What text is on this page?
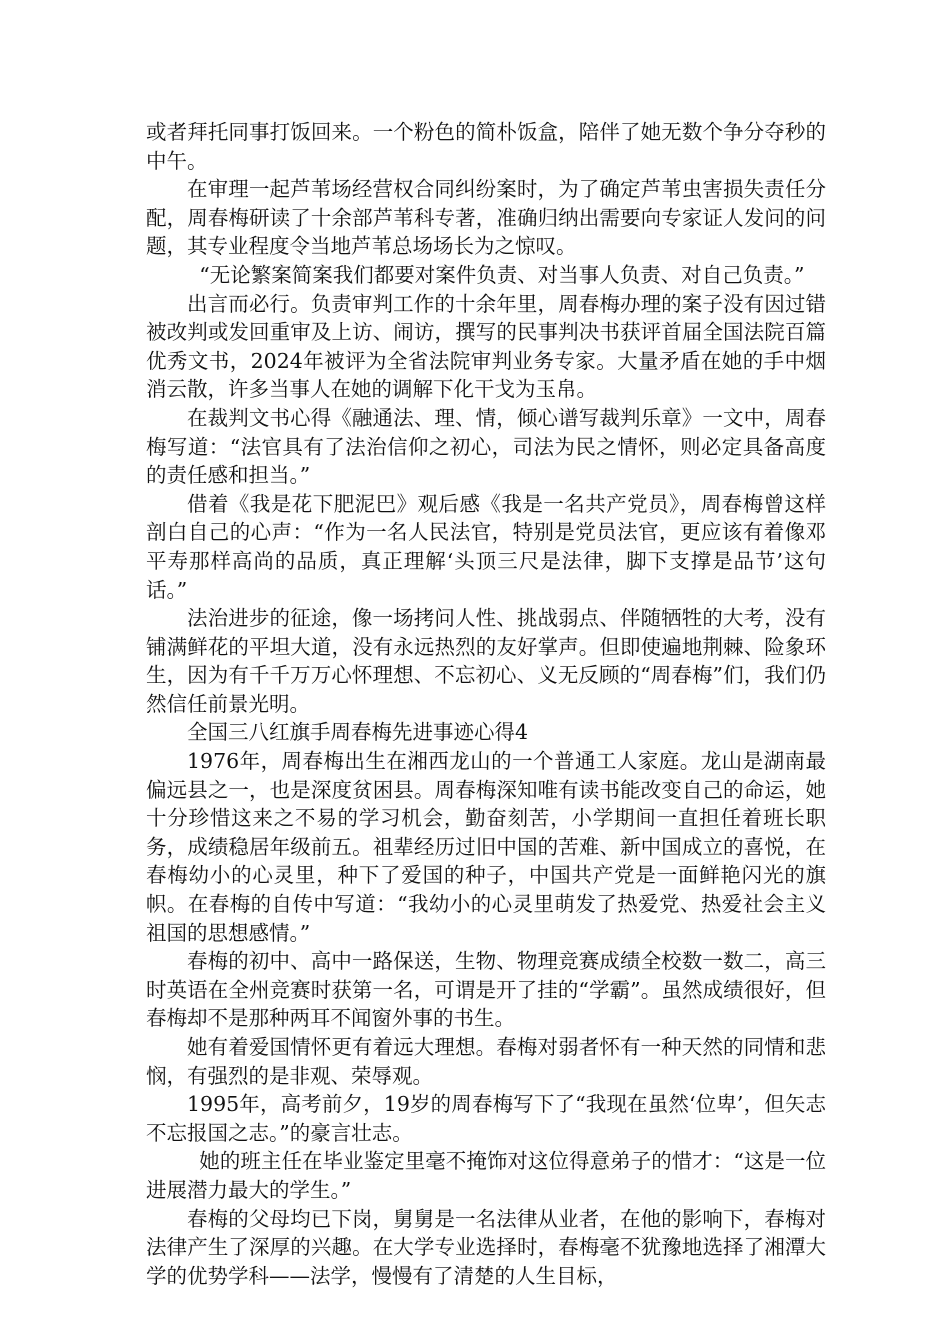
或者拜托同事打饭回来。一个粉色的简朴饭盒，陪伴了她无数个争分夺秒的中午。

在审理一起芦苇场经营权合同纠纷案时，为了确定芦苇虫害损失责任分配，周春梅研读了十余部芦苇科专著，准确归纳出需要向专家证人发问的问题，其专业程度令当地芦苇总场场长为之惊叹。

“无论繁案简案我们都要对案件负责、对当事人负责、对自己负责。”

出言而必行。负责审判工作的十余年里，周春梅办理的案子没有因过错被改判或发回重审及上访、闹访，撰写的民事判决书获评首届全国法院百篇优秀文书，2024年被评为全省法院审判业务专家。大量矛盾在她的手中烟消云散，许多当事人在她的调解下化干戈为玉帛。

在裁判文书心得《融通法、理、情，倾心谱写裁判乐章》一文中，周春梅写道：“法官具有了法治信仰之初心，司法为民之情怀，则必定具备高度的责任感和担当。”

借着《我是花下肥泥巴》观后感《我是一名共产党员》，周春梅曾这样剖白自己的心声：“作为一名人民法官，特别是党员法官，更应该有着像邓平寿那样高尚的品质，真正理解‘头顶三尺是法律，脚下支撑是品节’这句话。”

法治进步的征途，像一场拷问人性、挑战弱点、伴随牺牲的大考，没有铺满鲜花的平坦大道，没有永远热烈的友好掌声。但即使遍地荆棘、险象环生，因为有千千万万心怀理想、不忘初心、义无反顾的“周春梅”们，我们仍然信任前景光明。

全国三八红旗手周春梅先进事迹心得4

1976年，周春梅出生在湘西龙山的一个普通工人家庭。龙山是湖南最偏远县之一，也是深度贫困县。周春梅深知唯有读书能改变自己的命运，她十分珍惜这来之不易的学习机会，勤奋刻苦，小学期间一直担任着班长职务，成绩稳居年级前五。祖辈经历过旧中国的苦难、新中国成立的喜悦，在春梅幼小的心灵里，种下了爱国的种子，中国共产党是一面鲜艳闪光的旗帜。在春梅的自传中写道：“我幼小的心灵里萌发了热爱党、热爱社会主义祖国的思想感情。”

春梅的初中、高中一路保送，生物、物理竞赛成绩全校数一数二，高三时英语在全州竞赛时获第一名，可谓是开了挂的“学霸”。虽然成绩很好，但春梅却不是那种两耳不闻窗外事的书生。

她有着爱国情怀更有着远大理想。春梅对弱者怀有一种天然的同情和悲悯，有强烈的是非观、荣辱观。

1995年，高考前夕，19岁的周春梅写下了“我现在虽然‘位卑’，但矢志不忘报国之志。”的豪言壮志。

她的班主任在毕业鉴定里毫不掩饰对这位得意弟子的惜才：“这是一位进展潜力最大的学生。”

春梅的父母均已下岗，舅舅是一名法律从业者，在他的影响下，春梅对法律产生了深厚的兴趣。在大学专业选择时，春梅毫不犹豫地选择了湘潭大学的优势学科——法学，慢慢有了清楚的人生目标，
